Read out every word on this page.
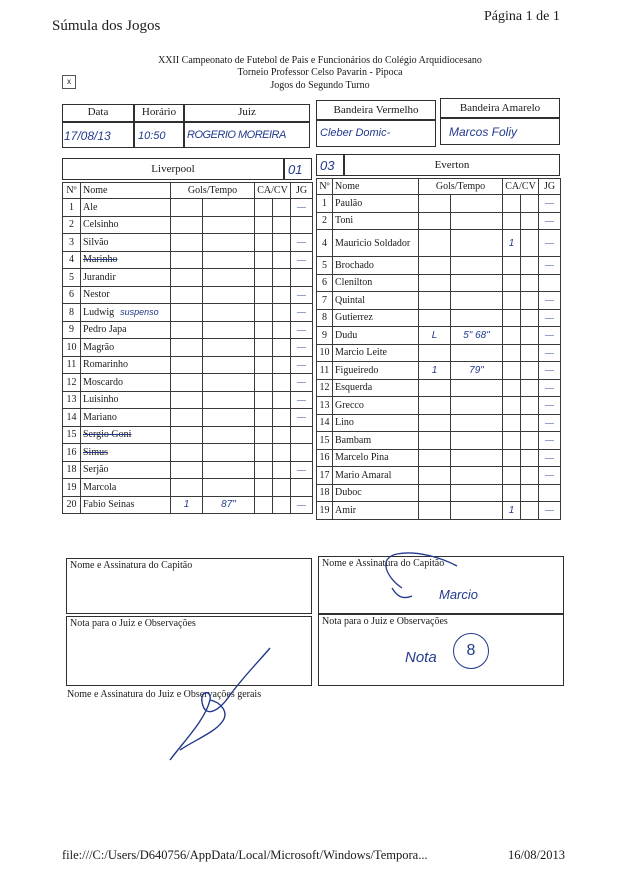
Súmula dos Jogos
Página 1 de 1
XXII Campeonato de Futebol de Pais e Funcionários do Colégio Arquidiocesano
Torneio Professor Celso Pavarin - Pipoca
Jogos do Segundo Turno
x
Data	Horário	Juiz
17/08/13 10:50 ROGERIO MOREIRA
Bandeira Vermelho	Bandeira Amarelo
Cleber Domic-	Marcos Foliy
Liverpool	01 03	Everton
Nº	Nome	Gols/Tempo		CA/CV		JG
1	Ale					—
2	Celsinho					
3	Silvão					—
4	Marinho					—
5	Jurandir					
6	Nestor					—
8	Ludwig suspenso					—
9	Pedro Japa					—
10	Magrão					—
11	Romarinho					—
12	Moscardo					—
13	Luisinho					—
14	Mariano					—
15	Sergio Goni					
16	Simus					
18	Serjão					—
19	Marcola					
20	Fabio Seinas	1	87"			—
Nº	Nome	Gols/Tempo		CA/CV		JG
1	Paulão					—
2	Toni					—
4	Mauricio Soldador			1		—
5	Brochado					—
6	Clenilton					
7	Quintal					—
8	Gutierrez					—
9	Dudu	L	5" 68"			—
10	Marcio Leite					—
11	Figueiredo	1	79"			—
12	Esquerda					—
13	Grecco					—
14	Lino					—
15	Bambam					—
16	Marcelo Pina					—
17	Mario Amaral					—
18	Duboc					
19	Amir			1		—
Nome e Assinatura do Capitão	Nome e Assinatura do Capitão
Marcio
Nota para o Juiz e Observações	Nota para o Juiz e Observações
Nota	8
Nome e Assinatura do Juiz e Observações gerais
file:///C:/Users/D640756/AppData/Local/Microsoft/Windows/Tempora...	16/08/2013
